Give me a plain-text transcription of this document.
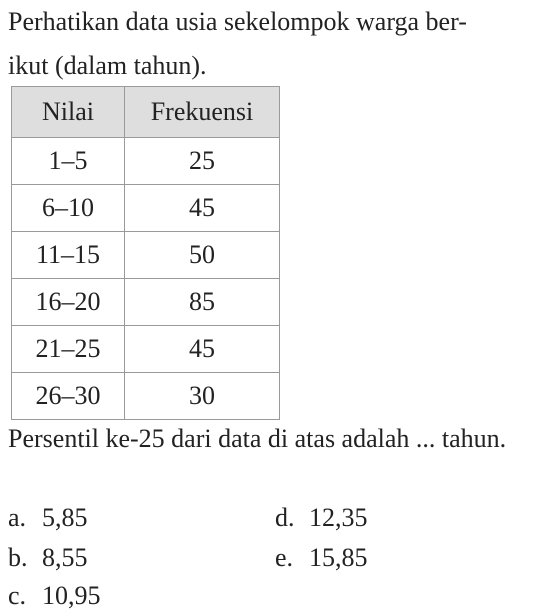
Perhatikan data usia sekelompok warga ber-
ikut (dalam tahun).

Nilai	Frekuensi
1–5	25
6–10	45
11–15	50
16–20	85
21–25	45
26–30	30

Persentil ke-25 dari data di atas adalah ... tahun.

a. 5,85
b. 8,55
c. 10,95
d. 12,35
e. 15,85
